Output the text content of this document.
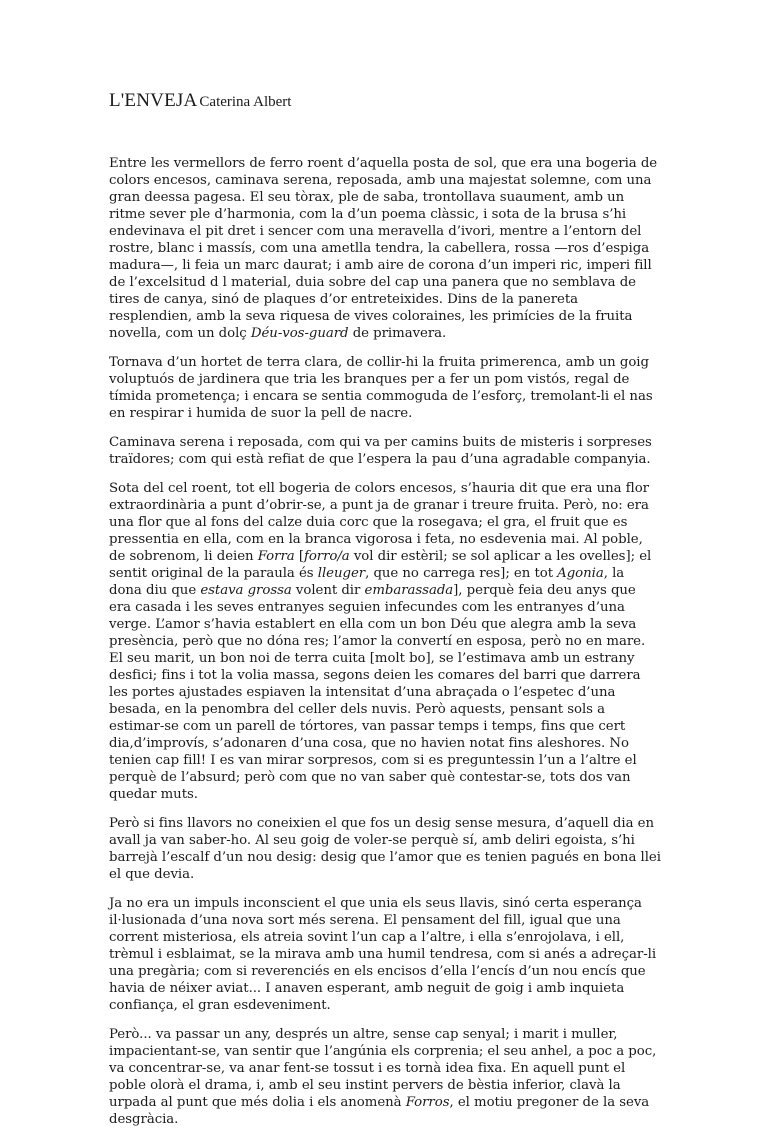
L'ENVEJA Caterina Albert

Entre les vermellors de ferro roent d’aquella posta de sol, que era una bogeria de colors encesos, caminava serena, reposada, amb una majestat solemne, com una gran deessa pagesa. El seu tòrax, ple de saba, trontollava suaument, amb un ritme sever ple d’harmonia, com la d’un poema clàssic, i sota de la brusa s’hi endevinava el pit dret i sencer com una meravella d’ivori, mentre a l’entorn del rostre, blanc i massís, com una ametlla tendra, la cabellera, rossa —ros d’espiga madura—, li feia un marc daurat; i amb aire de corona d’un imperi ric, imperi fill de l’excelsitud d l material, duia sobre del cap una panera que no semblava de tires de canya, sinó de plaques d’or entreteixides. Dins de la panereta resplendien, amb la seva riquesa de vives coloraines, les primícies de la fruita novella, com un dolç Déu-vos-guard de primavera.

Tornava d’un hortet de terra clara, de collir-hi la fruita primerenca, amb un goig voluptuós de jardinera que tria les branques per a fer un pom vistós, regal de tímida prometença; i encara se sentia commoguda de l’esforç, tremolant-li el nas en respirar i humida de suor la pell de nacre.

Caminava serena i reposada, com qui va per camins buits de misteris i sorpreses traïdores; com qui està refiat de que l’espera la pau d’una agradable companyia.

Sota del cel roent, tot ell bogeria de colors encesos, s’hauria dit que era una flor extraordinària a punt d’obrir-se, a punt ja de granar i treure fruita. Però, no: era una flor que al fons del calze duia corc que la rosegava; el gra, el fruit que es pressentia en ella, com en la branca vigorosa i feta, no esdevenia mai. Al poble, de sobrenom, li deien Forra [forro/a vol dir estèril; se sol aplicar a les ovelles]; el sentit original de la paraula és lleuger, que no carrega res]; en tot Agonia, la dona diu que estava grossa volent dir embarassada], perquè feia deu anys que era casada i les seves entranyes seguien infecundes com les entranyes d’una verge. L’amor s’havia establert en ella com un bon Déu que alegra amb la seva presència, però que no dóna res; l’amor la convertí en esposa, però no en mare. El seu marit, un bon noi de terra cuita [molt bo], se l’estimava amb un estrany desfici; fins i tot la volia massa, segons deien les comares del barri que darrera les portes ajustades espiaven la intensitat d’una abraçada o l’espetec d’una besada, en la penombra del celler dels nuvis. Però aquests, pensant sols a estimar-se com un parell de tórtores, van passar temps i temps, fins que cert dia,d’improvís, s’adonaren d’una cosa, que no havien notat fins aleshores. No tenien cap fill! I es van mirar sorpresos, com si es preguntessin l’un a l’altre el perquè de l’absurd; però com que no van saber què contestar-se, tots dos van quedar muts.

Però si fins llavors no coneixien el que fos un desig sense mesura, d’aquell dia en avall ja van saber-ho. Al seu goig de voler-se perquè sí, amb deliri egoista, s’hi barrejà l’escalf d’un nou desig: desig que l’amor que es tenien pagués en bona llei el que devia.

Ja no era un impuls inconscient el que unia els seus llavis, sinó certa esperança il·lusionada d’una nova sort més serena. El pensament del fill, igual que una corrent misteriosa, els atreia sovint l’un cap a l’altre, i ella s’enrojolava, i ell, trèmul i esblaimat, se la mirava amb una humil tendresa, com si anés a adreçar-li una pregària; com si reverenciés en els encisos d’ella l’encís d’un nou encís que havia de néixer aviat... I anaven esperant, amb neguit de goig i amb inquieta confiança, el gran esdeveniment.

Però... va passar un any, després un altre, sense cap senyal; i marit i muller, impacientant-se, van sentir que l’angúnia els corprenia; el seu anhel, a poc a poc, va concentrar-se, va anar fent-se tossut i es tornà idea fixa. En aquell punt el poble olorà el drama, i, amb el seu instint pervers de bèstia inferior, clavà la urpada al punt que més dolia i els anomenà Forros, el motiu pregoner de la seva desgràcia.
